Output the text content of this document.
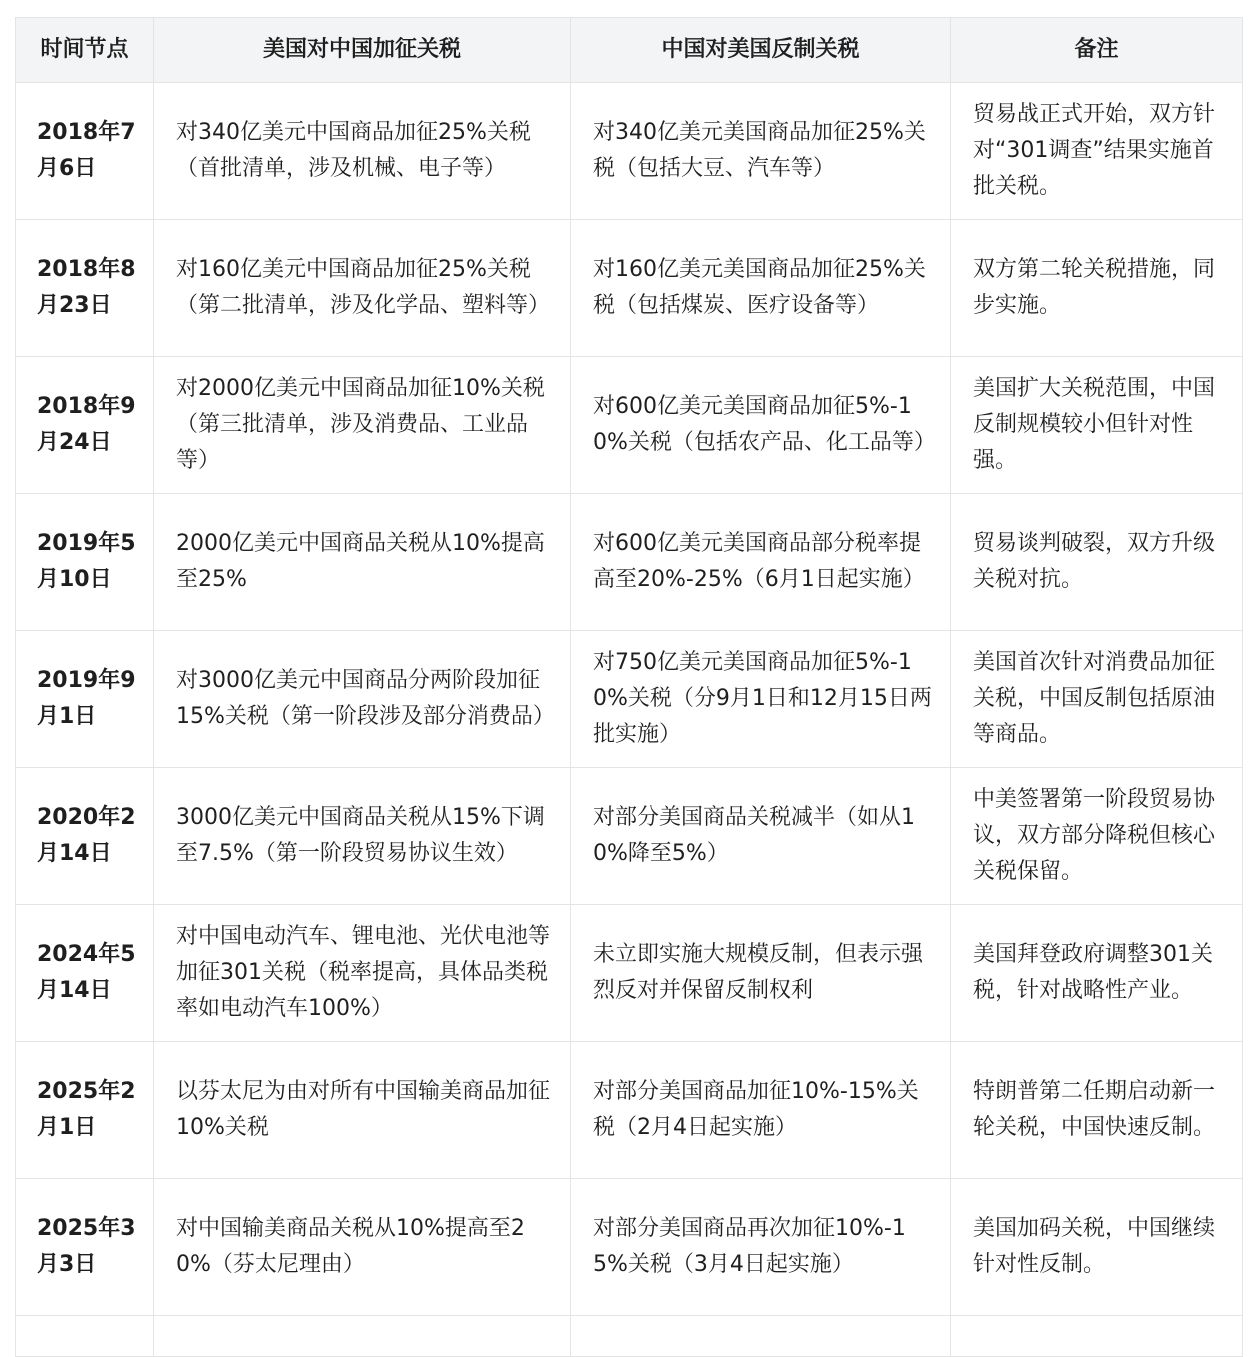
时间节点	美国对中国加征关税	中国对美国反制关税	备注
2018年7月6日	对340亿美元中国商品加征25%关税（首批清单，涉及机械、电子等）	对340亿美元美国商品加征25%关税（包括大豆、汽车等）	贸易战正式开始，双方针对“301调查”结果实施首批关税。
2018年8月23日	对160亿美元中国商品加征25%关税（第二批清单，涉及化学品、塑料等）	对160亿美元美国商品加征25%关税（包括煤炭、医疗设备等）	双方第二轮关税措施，同步实施。
2018年9月24日	对2000亿美元中国商品加征10%关税（第三批清单，涉及消费品、工业品等）	对600亿美元美国商品加征5%-10%关税（包括农产品、化工品等）	美国扩大关税范围，中国反制规模较小但针对性强。
2019年5月10日	2000亿美元中国商品关税从10%提高至25%	对600亿美元美国商品部分税率提高至20%-25%（6月1日起实施）	贸易谈判破裂，双方升级关税对抗。
2019年9月1日	对3000亿美元中国商品分两阶段加征15%关税（第一阶段涉及部分消费品）	对750亿美元美国商品加征5%-10%关税（分9月1日和12月15日两批实施）	美国首次针对消费品加征关税，中国反制包括原油等商品。
2020年2月14日	3000亿美元中国商品关税从15%下调至7.5%（第一阶段贸易协议生效）	对部分美国商品关税减半（如从10%降至5%）	中美签署第一阶段贸易协议，双方部分降税但核心关税保留。
2024年5月14日	对中国电动汽车、锂电池、光伏电池等加征301关税（税率提高，具体品类税率如电动汽车100%）	未立即实施大规模反制，但表示强烈反对并保留反制权利	美国拜登政府调整301关税，针对战略性产业。
2025年2月1日	以芬太尼为由对所有中国输美商品加征10%关税	对部分美国商品加征10%-15%关税（2月4日起实施）	特朗普第二任期启动新一轮关税，中国快速反制。
2025年3月3日	对中国输美商品关税从10%提高至20%（芬太尼理由）	对部分美国商品再次加征10%-15%关税（3月4日起实施）	美国加码关税，中国继续针对性反制。
